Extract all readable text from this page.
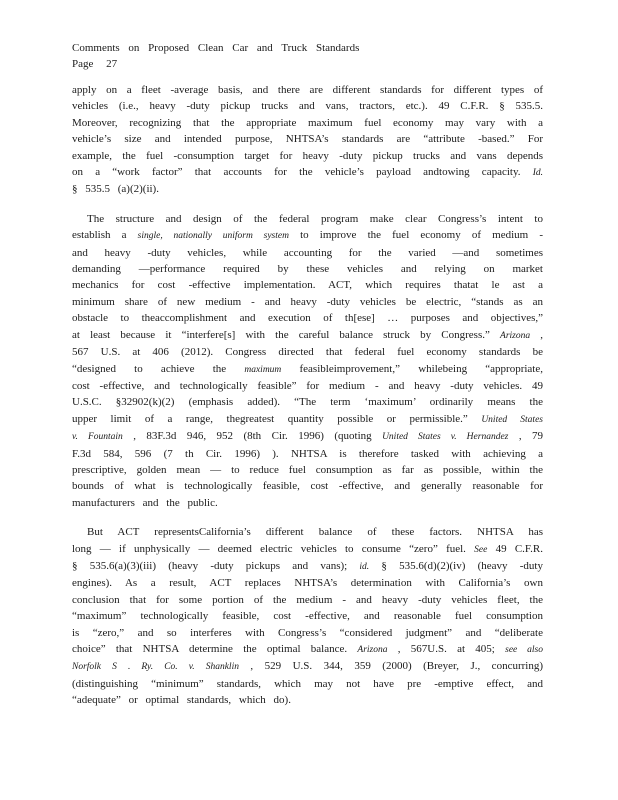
Comments on Proposed Clean Car and Truck Standards
Page 27
apply on a fleet -average basis, and there are different standards for different types of
vehicles (i.e., heavy -duty pickup trucks and vans, tractors, etc.). 49 C.F.R. § 535.5.
Moreover, recognizing that the appropriate maximum fuel economy may vary with a
vehicle’s size and intended purpose, NHTSA’s standards are “attribute -based.” For
example, the fuel -consumption target for heavy -duty pickup trucks and vans depends
on a “work factor” that accounts for the vehicle’s payload andtowing capacity. Id.
§ 535.5 (a)(2)(ii).
The structure and design of the federal program make clear Congress’s intent to
establish a single, nationally uniform system to improve the fuel economy of medium -
and heavy -duty vehicles, while accounting for the varied —and sometimes
demanding —performance required by these vehicles and relying on market
mechanics for cost -effective implementation. ACT, which requires thatat le ast a
minimum share of new medium - and heavy -duty vehicles be electric, “stands as an
obstacle to theaccomplishment and execution of th[ese] … purposes and objectives,”
at least because it “interfere[s] with the careful balance struck by Congress.” Arizona ,
567 U.S. at 406 (2012). Congress directed that federal fuel economy standards be
“designed to achieve the maximum feasibleimprovement,” whilebeing “appropriate,
cost -effective, and technologically feasible” for medium - and heavy -duty vehicles. 49
U.S.C. §32902(k)(2) (emphasis added). “The term ‘maximum’ ordinarily means the
upper limit of a range, thegreatest quantity possible or permissible.” United States
v. Fountain , 83F.3d 946, 952 (8th Cir. 1996) (quoting United States v. Hernandez , 79
F.3d 584, 596 (7 th Cir. 1996) ). NHTSA is therefore tasked with achieving a
prescriptive, golden mean — to reduce fuel consumption as far as possible, within the
bounds of what is technologically feasible, cost -effective, and generally reasonable for
manufacturers and the public.
But ACT representsCalifornia’s different balance of these factors. NHTSA has
long — if unphysically — deemed electric vehicles to consume “zero” fuel. See 49 C.F.R.
§ 535.6(a)(3)(iii) (heavy -duty pickups and vans); id. § 535.6(d)(2)(iv) (heavy -duty
engines). As a result, ACT replaces NHTSA’s determination with California’s own
conclusion that for some portion of the medium - and heavy -duty vehicles fleet, the
“maximum” technologically feasible, cost -effective, and reasonable fuel consumption
is “zero,” and so interferes with Congress’s “considered judgment” and “deliberate
choice” that NHTSA determine the optimal balance. Arizona , 567U.S. at 405; see also
Norfolk S . Ry. Co. v. Shanklin , 529 U.S. 344, 359 (2000) (Breyer, J., concurring)
(distinguishing “minimum” standards, which may not have pre -emptive effect, and
“adequate” or optimal standards, which do).
